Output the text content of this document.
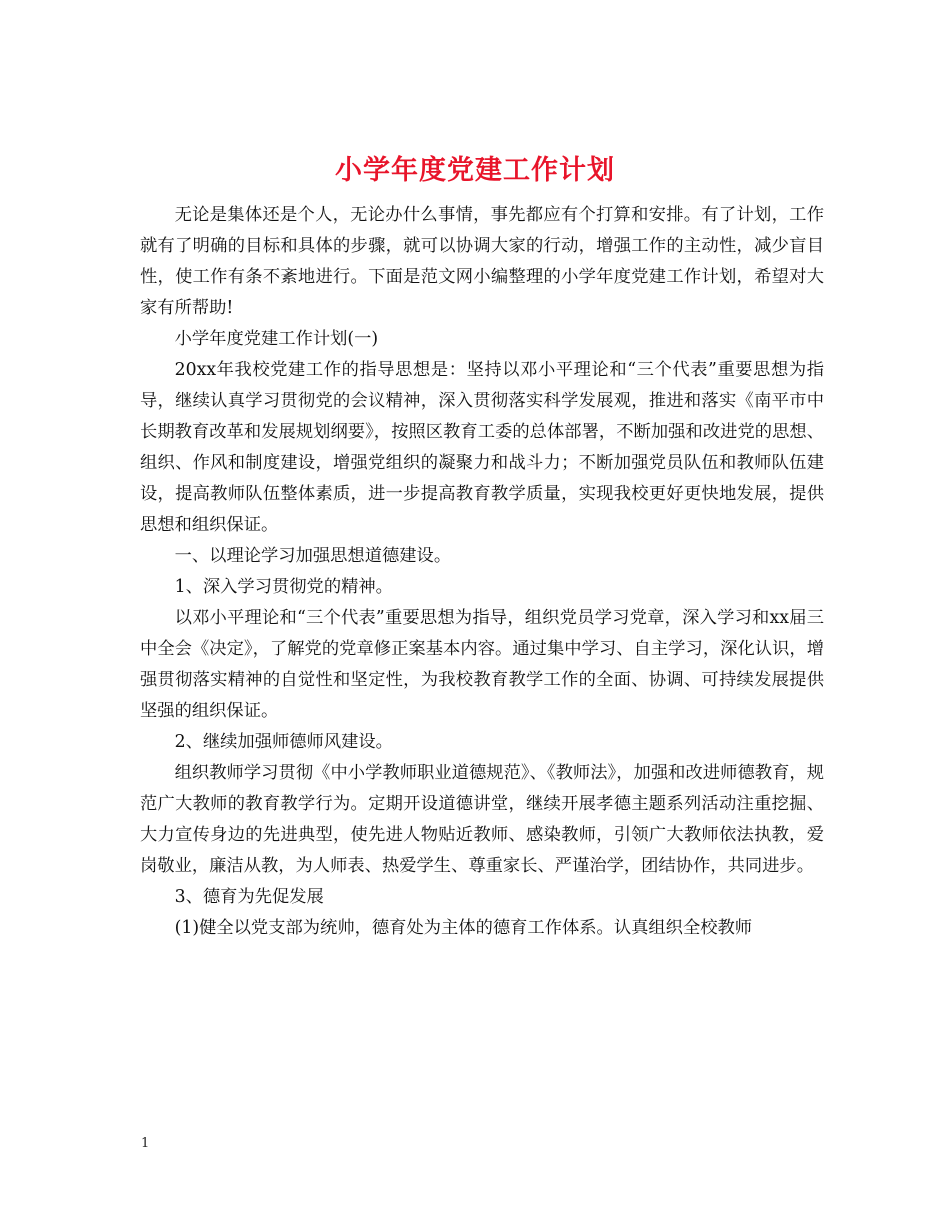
小学年度党建工作计划

无论是集体还是个人，无论办什么事情，事先都应有个打算和安排。有了计划，工作就有了明确的目标和具体的步骤，就可以协调大家的行动，增强工作的主动性，减少盲目性，使工作有条不紊地进行。下面是范文网小编整理的小学年度党建工作计划，希望对大家有所帮助!

小学年度党建工作计划(一)

20xx年我校党建工作的指导思想是：坚持以邓小平理论和“三个代表”重要思想为指导，继续认真学习贯彻党的会议精神，深入贯彻落实科学发展观，推进和落实《南平市中长期教育改革和发展规划纲要》，按照区教育工委的总体部署，不断加强和改进党的思想、组织、作风和制度建设，增强党组织的凝聚力和战斗力；不断加强党员队伍和教师队伍建设，提高教师队伍整体素质，进一步提高教育教学质量，实现我校更好更快地发展，提供思想和组织保证。

一、以理论学习加强思想道德建设。

1、深入学习贯彻党的精神。

以邓小平理论和“三个代表”重要思想为指导，组织党员学习党章，深入学习和xx届三中全会《决定》，了解党的党章修正案基本内容。通过集中学习、自主学习，深化认识，增强贯彻落实精神的自觉性和坚定性，为我校教育教学工作的全面、协调、可持续发展提供坚强的组织保证。

2、继续加强师德师风建设。

组织教师学习贯彻《中小学教师职业道德规范》、《教师法》，加强和改进师德教育，规范广大教师的教育教学行为。定期开设道德讲堂，继续开展孝德主题系列活动注重挖掘、大力宣传身边的先进典型，使先进人物贴近教师、感染教师，引领广大教师依法执教，爱岗敬业，廉洁从教，为人师表、热爱学生、尊重家长、严谨治学，团结协作，共同进步。

3、德育为先促发展

(1)健全以党支部为统帅，德育处为主体的德育工作体系。认真组织全校教师

1
